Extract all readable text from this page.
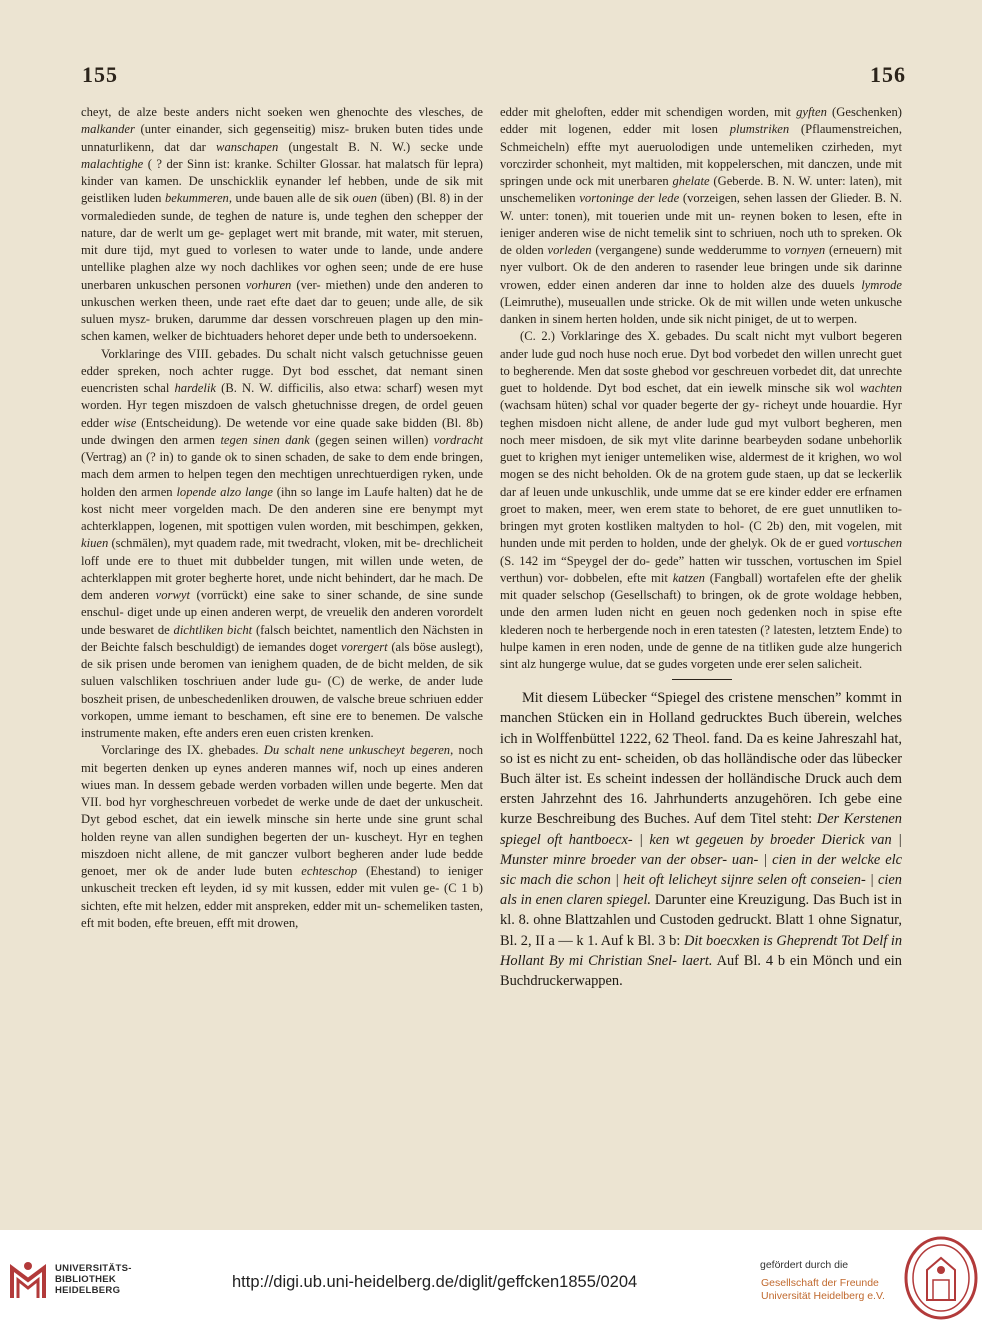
155	156

cheyt, de alze beste anders nicht soeken wen ghenochte des vlesches, de malkander (unter einander, sich gegenseitig) misz- bruken buten tides unde unnaturlikenn, dat dar wanschapen (ungestalt B. N. W.) secke unde malachtighe ( ? der Sinn ist: kranke. Schilter Glossar. hat malatsch für lepra) kinder van kamen. De unschicklik eynander lef hebben, unde de sik mit geistliken luden bekummeren, unde bauen alle de sik ouen (üben) (Bl. 8) in der vormaledieden sunde, de teghen de nature is, unde teghen den schepper der nature, dar de werlt um ge- geplaget wert mit brande, mit water, mit steruen, mit dure tijd, myt gued to vorlesen to water unde to lande, unde andere untellike plaghen alze wy noch dachlikes vor oghen seen; unde de ere huse unerbaren unkuschen personen vorhuren (ver- miethen) unde den anderen to unkuschen werken theen, unde raet efte daet dar to geuen; unde alle, de sik suluen mysz- bruken, darumme dar dessen vorschreuen plagen up den min- schen kamen, welker de bichtuaders hehoret deper unde beth to undersoekenn.

Vorklaringe des VIII. gebades. Du schalt nicht valsch getuchnisse geuen edder spreken, noch achter rugge. Dyt bod esschet, dat nemant sinen euencristen schal hardelik (B. N. W. difficilis, also etwa: scharf) wesen myt worden. Hyr tegen miszdoen de valsch ghetuchnisse dregen, de ordel geuen edder wise (Entscheidung). De wetende vor eine quade sake bidden (Bl. 8b) unde dwingen den armen tegen sinen dank (gegen seinen willen) vordracht (Vertrag) an (? in) to gande ok to sinen schaden, de sake to dem ende bringen, mach dem armen to helpen tegen den mechtigen unrechtuerdigen ryken, unde holden den armen lopende alzo lange (ihn so lange im Laufe halten) dat he de kost nicht meer vorgelden mach. De den anderen sine ere benympt myt achterklappen, logenen, mit spottigen vulen worden, mit beschimpen, gekken, kiuen (schmälen), myt quadem rade, mit twedracht, vloken, mit be- drechlicheit loff unde ere to thuet mit dubbelder tungen, mit willen unde weten, de achterklappen mit groter begherte horet, unde nicht behindert, dar he mach. De dem anderen vorwyt (vorrückt) eine sake to siner schande, de sine sunde enschul- diget unde up einen anderen werpt, de vreuelik den anderen vorordelt unde beswaret de dichtliken bicht (falsch beichtet, namentlich den Nächsten in der Beichte falsch beschuldigt) de iemandes doget vorergert (als böse auslegt), de sik prisen unde beromen van ienighem quaden, de de bicht melden, de sik suluen valschliken toschriuen ander lude gu- (C) de werke, de ander lude boszheit prisen, de unbeschedenliken drouwen, de valsche breue schriuen edder vorkopen, umme iemant to beschamen, eft sine ere to benemen. De valsche instrumente maken, efte anders eren euen cristen krenken.

Vorclaringe des IX. ghebades. Du schalt nene unkuscheyt begeren, noch mit begerten denken up eynes anderen mannes wif, noch up eines anderen wiues man. In dessem gebade werden vorbaden willen unde begerte. Men dat VII. bod hyr vorgheschreuen vorbedet de werke unde de daet der unkuscheit. Dyt gebod eschet, dat ein iewelk minsche sin herte unde sine grunt schal holden reyne van allen sundighen begerten der un- kuscheyt. Hyr en teghen miszdoen nicht allene, de mit ganczer vulbort begheren ander lude bedde genoet, mer ok de ander lude buten echteschop (Ehestand) to ieniger unkuscheit trecken eft leyden, id sy mit kussen, edder mit vulen ge- (C 1 b) sichten, efte mit helzen, edder mit anspreken, edder mit un- schemeliken tasten, eft mit boden, efte breuen, efft mit drowen,

edder mit gheloften, edder mit schendigen worden, mit gyften (Geschenken) edder mit logenen, edder mit losen plumstriken (Pflaumenstreichen, Schmeicheln) effte myt aueruolodigen unde untemeliken czirheden, myt vorczirder schonheit, myt maltiden, mit koppelerschen, mit danczen, unde mit springen unde ock mit unerbaren ghelate (Geberde. B. N. W. unter: laten), mit unschemeliken vortoninge der lede (vorzeigen, sehen lassen der Glieder. B. N. W. unter: tonen), mit touerien unde mit un- reynen boken to lesen, efte in ieniger anderen wise de nicht temelik sint to schriuen, noch uth to spreken. Ok de olden vorleden (vergangene) sunde wedderumme to vornyen (erneuern) mit nyer vulbort. Ok de den anderen to rasender leue bringen unde sik darinne vrowen, edder einen anderen dar inne to holden alze des duuels lymrode (Leimruthe), museuallen unde stricke. Ok de mit willen unde weten unkusche danken in sinem herten holden, unde sik nicht piniget, de ut to werpen.

(C. 2.) Vorklaringe des X. gebades. Du scalt nicht myt vulbort begeren ander lude gud noch huse noch erue. Dyt bod vorbedet den willen unrecht guet to begherende. Men dat soste ghebod vor geschreuen vorbedet dit, dat unrechte guet to holdende. Dyt bod eschet, dat ein iewelk minsche sik wol wachten (wachsam hüten) schal vor quader begerte der gy- richeyt unde houardie. Hyr teghen misdoen nicht allene, de ander lude gud myt vulbort begheren, men noch meer misdoen, de sik myt vlite darinne bearbeyden sodane unbehorlik guet to krighen myt ieniger untemeliken wise, aldermest de it krighen, wo wol mogen se des nicht beholden. Ok de na grotem gude staen, up dat se leckerlik dar af leuen unde unkuschlik, unde umme dat se ere kinder edder ere erfnamen groet to maken, meer, wen erem state to behoret, de ere guet unnutliken to- bringen myt groten kostliken maltyden to hol- (C 2b) den, mit vogelen, mit hunden unde mit perden to holden, unde der ghelyk. Ok de er gued vortuschen (S. 142 im “Speygel der do- gede” hatten wir tusschen, vortuschen im Spiel verthun) vor- dobbelen, efte mit katzen (Fangball) wortafelen efte der ghelik mit quader selschop (Gesellschaft) to bringen, ok de grote woldage hebben, unde den armen luden nicht en geuen noch gedenken noch in spise efte klederen noch te herbergende noch in eren tatesten (? latesten, letztem Ende) to hulpe kamen in eren noden, unde de genne de na titliken gude alze hungerich sint alz hungerge wulue, dat se gudes vorgeten unde erer selen salicheit.

Mit diesem Lübecker “Spiegel des cristene menschen” kommt in manchen Stücken ein in Holland gedrucktes Buch überein, welches ich in Wolffenbüttel 1222, 62 Theol. fand. Da es keine Jahreszahl hat, so ist es nicht zu ent- scheiden, ob das holländische oder das lübecker Buch älter ist. Es scheint indessen der holländische Druck auch dem ersten Jahrzehnt des 16. Jahrhunderts anzugehören. Ich gebe eine kurze Beschreibung des Buches. Auf dem Titel steht: Der Kerstenen spiegel oft hantboecx- | ken wt gegeuen by broeder Dierick van | Munster minre broeder van der obser- uan- | cien in der welcke elc sic mach die schon | heit oft lelicheyt sijnre selen oft conseien- | cien als in enen claren spiegel. Darunter eine Kreuzigung. Das Buch ist in kl. 8. ohne Blattzahlen und Custoden gedruckt. Blatt 1 ohne Signatur, Bl. 2, II a — k 1. Auf k Bl. 3 b: Dit boecxken is Gheprendt Tot Delf in Hollant By mi Christian Snel- laert. Auf Bl. 4 b ein Mönch und ein Buchdruckerwappen.

UNIVERSITÄTS-
BIBLIOTHEK
HEIDELBERG	http://digi.ub.uni-heidelberg.de/diglit/geffcken1855/0204
gefördert durch die
Gesellschaft der Freunde
Universität Heidelberg e.V.
